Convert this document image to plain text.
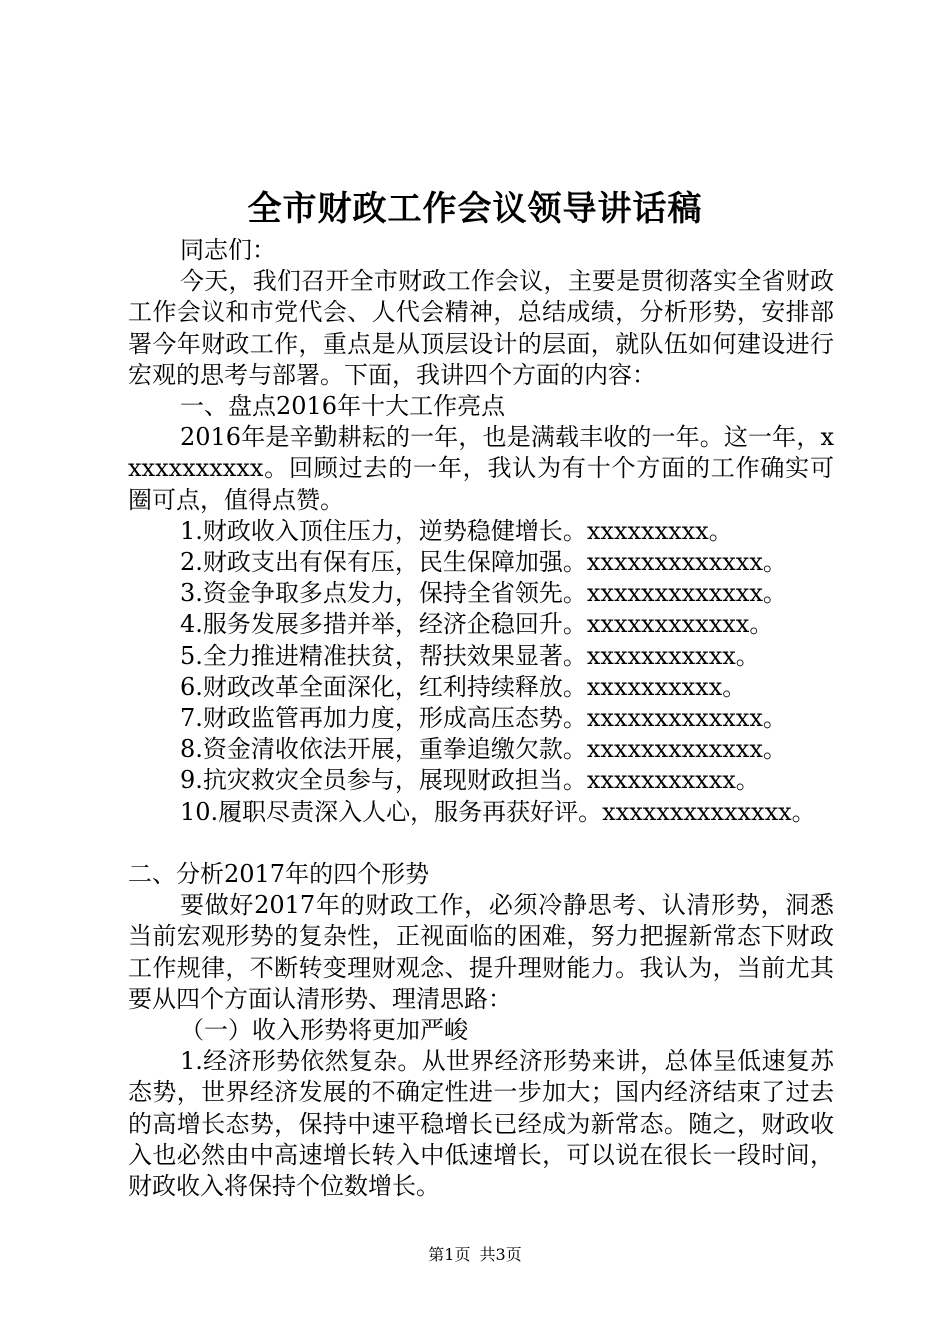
全市财政工作会议领导讲话稿

同志们：

今天，我们召开全市财政工作会议，主要是贯彻落实全省财政工作会议和市党代会、人代会精神，总结成绩，分析形势，安排部署今年财政工作，重点是从顶层设计的层面，就队伍如何建设进行宏观的思考与部署。下面，我讲四个方面的内容：

一、盘点2016年十大工作亮点

2016年是辛勤耕耘的一年，也是满载丰收的一年。这一年，xxxxxxxxxxx。回顾过去的一年，我认为有十个方面的工作确实可圈可点，值得点赞。

1.财政收入顶住压力，逆势稳健增长。xxxxxxxxx。

2.财政支出有保有压，民生保障加强。xxxxxxxxxxxxx。

3.资金争取多点发力，保持全省领先。xxxxxxxxxxxxx。

4.服务发展多措并举，经济企稳回升。xxxxxxxxxxxx。

5.全力推进精准扶贫，帮扶效果显著。xxxxxxxxxxx。

6.财政改革全面深化，红利持续释放。xxxxxxxxxx。

7.财政监管再加力度，形成高压态势。xxxxxxxxxxxxx。

8.资金清收依法开展，重拳追缴欠款。xxxxxxxxxxxxx。

9.抗灾救灾全员参与，展现财政担当。xxxxxxxxxxx。

10.履职尽责深入人心，服务再获好评。xxxxxxxxxxxxxx。

二、分析2017年的四个形势

要做好2017年的财政工作，必须冷静思考、认清形势，洞悉当前宏观形势的复杂性，正视面临的困难，努力把握新常态下财政工作规律，不断转变理财观念、提升理财能力。我认为，当前尤其要从四个方面认清形势、理清思路：

（一）收入形势将更加严峻

1.经济形势依然复杂。从世界经济形势来讲，总体呈低速复苏态势，世界经济发展的不确定性进一步加大；国内经济结束了过去的高增长态势，保持中速平稳增长已经成为新常态。随之，财政收入也必然由中高速增长转入中低速增长，可以说在很长一段时间，财政收入将保持个位数增长。

第1页 共3页
